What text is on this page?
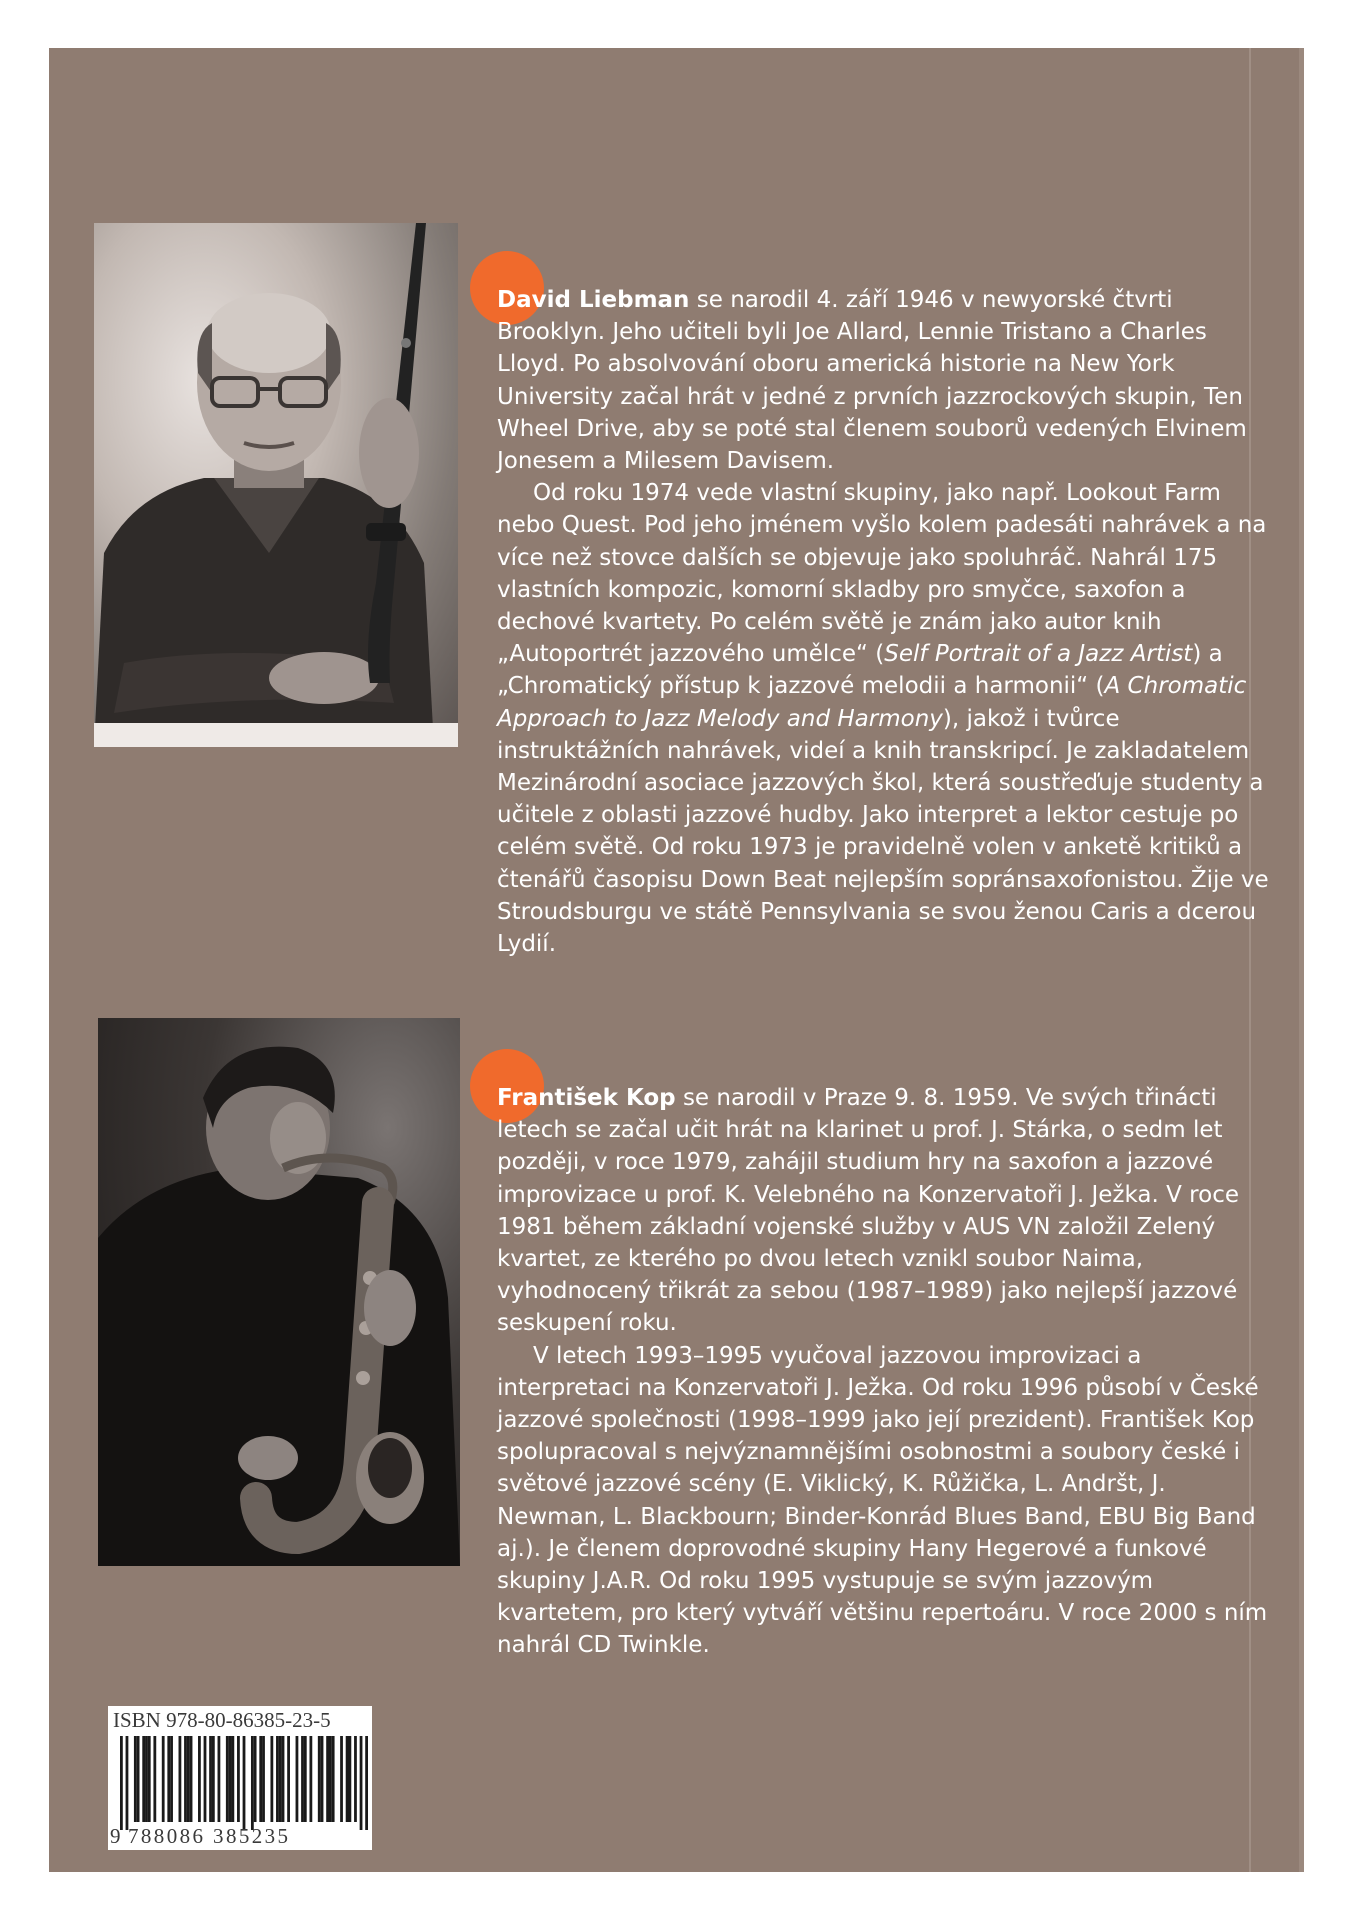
David Liebman se narodil 4. září 1946 v newyorské čtvrti Brooklyn. Jeho učiteli byli Joe Allard, Lennie Tristano a Charles Lloyd. Po absolvování oboru americká historie na New York University začal hrát v jedné z prvních jazzrockových skupin, Ten Wheel Drive, aby se poté stal členem souborů vedených Elvinem Jonesem a Milesem Davisem.

Od roku 1974 vede vlastní skupiny, jako např. Lookout Farm nebo Quest. Pod jeho jménem vyšlo kolem padesáti nahrávek a na více než stovce dalších se objevuje jako spoluhráč. Nahrál 175 vlastních kompozic, komorní skladby pro smyčce, saxofon a dechové kvartety. Po celém světě je znám jako autor knih „Autoportrét jazzového umělce“ (Self Portrait of a Jazz Artist) a „Chromatický přístup k jazzové melodii a harmonii“ (A Chromatic Approach to Jazz Melody and Harmony), jakož i tvůrce instruktážních nahrávek, videí a knih transkripcí. Je zakladatelem Mezinárodní asociace jazzových škol, která soustřeďuje studenty a učitele z oblasti jazzové hudby. Jako interpret a lektor cestuje po celém světě. Od roku 1973 je pravidelně volen v anketě kritiků a čtenářů časopisu Down Beat nejlepším sopránsaxofonistou. Žije ve Stroudsburgu ve státě Pennsylvania se svou ženou Caris a dcerou Lydií.

František Kop se narodil v Praze 9. 8. 1959. Ve svých třinácti letech se začal učit hrát na klarinet u prof. J. Stárka, o sedm let později, v roce 1979, zahájil studium hry na saxofon a jazzové improvizace u prof. K. Velebného na Konzervatoři J. Ježka. V roce 1981 během základní vojenské služby v AUS VN založil Zelený kvartet, ze kterého po dvou letech vznikl soubor Naima, vyhodnocený třikrát za sebou (1987–1989) jako nejlepší jazzové seskupení roku.

V letech 1993–1995 vyučoval jazzovou improvizaci a interpretaci na Konzervatoři J. Ježka. Od roku 1996 působí v České jazzové společnosti (1998–1999 jako její prezident). František Kop spolupracoval s nejvýznamnějšími osobnostmi a soubory české i světové jazzové scény (E. Viklický, K. Růžička, L. Andršt, J. Newman, L. Blackbourn; Binder-Konrád Blues Band, EBU Big Band aj.). Je členem doprovodné skupiny Hany Hegerové a funkové skupiny J.A.R. Od roku 1995 vystupuje se svým jazzovým kvartetem, pro který vytváří většinu repertoáru. V roce 2000 s ním nahrál CD Twinkle.

ISBN 978-80-86385-23-5
9 788086 385235
